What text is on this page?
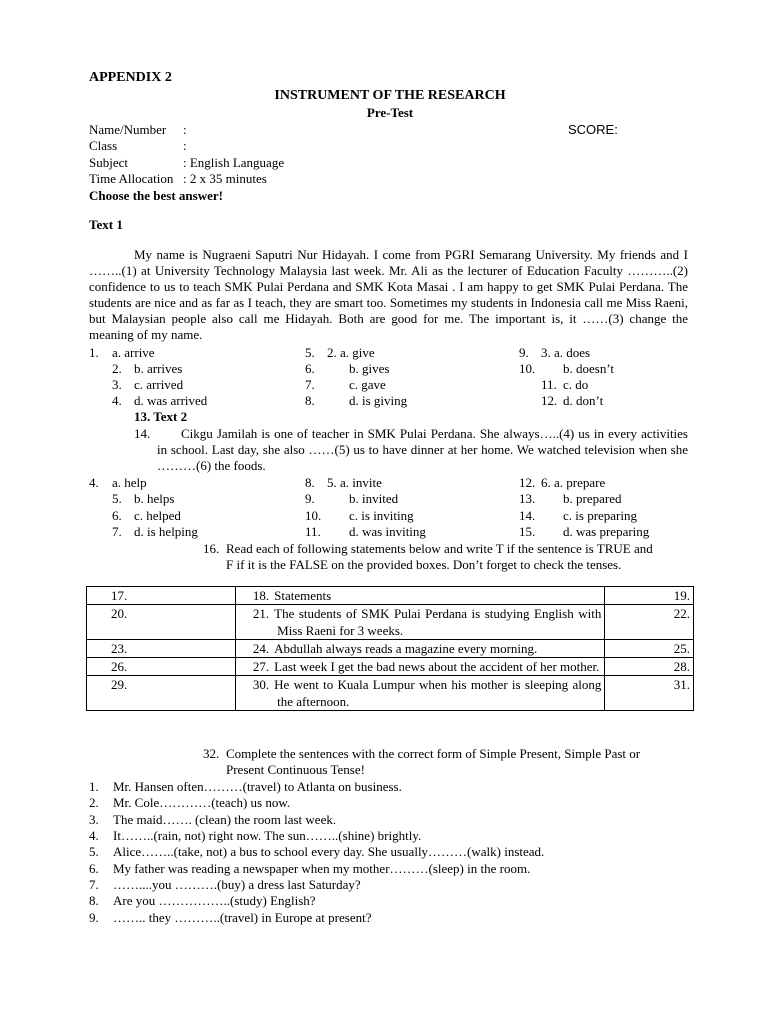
APPENDIX 2
INSTRUMENT OF THE RESEARCH
Pre-Test
Name/Number :
Class	:
Subject	: English Language
Time Allocation : 2 x 35 minutes
SCORE:
Choose the best answer!
Text 1
My name is Nugraeni Saputri Nur Hidayah. I come from PGRI Semarang University. My friends and I ……..(1) at University Technology Malaysia last week. Mr. Ali as the lecturer of Education Faculty ………..(2) confidence to us to teach SMK Pulai Perdana and SMK Kota Masai . I am happy to get SMK Pulai Perdana. The students are nice and as far as I teach, they are smart too. Sometimes my students in Indonesia call me Miss Raeni, but Malaysian people also call me Hidayah. Both are good for me. The important is, it ……(3) change the meaning of my name.
1. a. arrive
2. b. arrives
3. c. arrived
4. d. was arrived
5. 2. a. give
6.	b. gives
7.	c. gave
8.	d. is giving
9. 3. a. does
10. b. doesn’t
11. c. do
12. d. don’t
13. Text 2
14.	Cikgu Jamilah is one of teacher in SMK Pulai Perdana. She always…..(4) us in every activities in school. Last day, she also ……(5) us to have dinner at her home. We watched television when she ………(6) the foods.
4. a. help
5. b. helps
6. c. helped
7. d. is helping
8. 5. a. invite
9.	b. invited
10. c. is inviting
11. d. was inviting
12. 6. a. prepare
13. b. prepared
14. c. is preparing
15. d. was preparing
16. Read each of following statements below and write T if the sentence is TRUE and
F if it is the FALSE on the provided boxes. Don’t forget to check the tenses.
17.	18. Statements	19.
20.	21. The students of SMK Pulai Perdana is studying English with Miss Raeni for 3 weeks.	22.
23.	24. Abdullah always reads a magazine every morning.	25.
26.	27. Last week I get the bad news about the accident of her mother.	28.
29.	30. He went to Kuala Lumpur when his mother is sleeping along the afternoon.	31.
32. Complete the sentences with the correct form of Simple Present, Simple Past or
Present Continuous Tense!
1. Mr. Hansen often………(travel) to Atlanta on business.
2. Mr. Cole…………(teach) us now.
3. The maid……. (clean) the room last week.
4. It……..(rain, not) right now. The sun……..(shine) brightly.
5. Alice……..(take, not) a bus to school every day. She usually………(walk) instead.
6. My father was reading a newspaper when my mother………(sleep) in the room.
7. ……....you ……….(buy) a dress last Saturday?
8. Are you ……………..(study) English?
9. …….. they ………..(travel) in Europe at present?
